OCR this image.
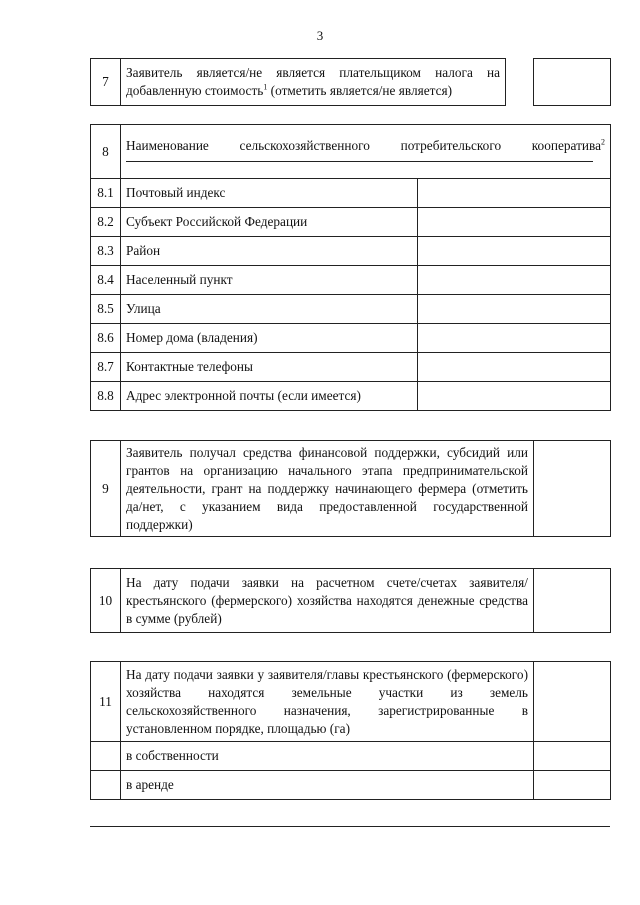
3
7	Заявитель является/не является плательщиком налога на добавленную стоимость$^1$ (отметить является/не является)		
8	Наименование сельскохозяйственного потребительского кооператива$^2$

8.1	Почтовый индекс	
8.2	Субъект Российской Федерации	
8.3	Район	
8.4	Населенный пункт	
8.5	Улица	
8.6	Номер дома (владения)	
8.7	Контактные телефоны	
8.8	Адрес электронной почты (если имеется)	
9	Заявитель получал средства финансовой поддержки, субсидий или грантов на организацию начального этапа предпринимательской деятельности, грант на поддержку начинающего фермера (отметить да/нет, с указанием вида предоставленной государственной поддержки)	
10	На дату подачи заявки на расчетном счете/счетах заявителя/крестьянского (фермерского) хозяйства находятся денежные средства в сумме (рублей)	
11	На дату подачи заявки у заявителя/главы крестьянского (фермерского) хозяйства находятся земельные участки из земель сельскохозяйственного назначения, зарегистрированные в установленном порядке, площадью (га)	
	в собственности	
	в аренде	
